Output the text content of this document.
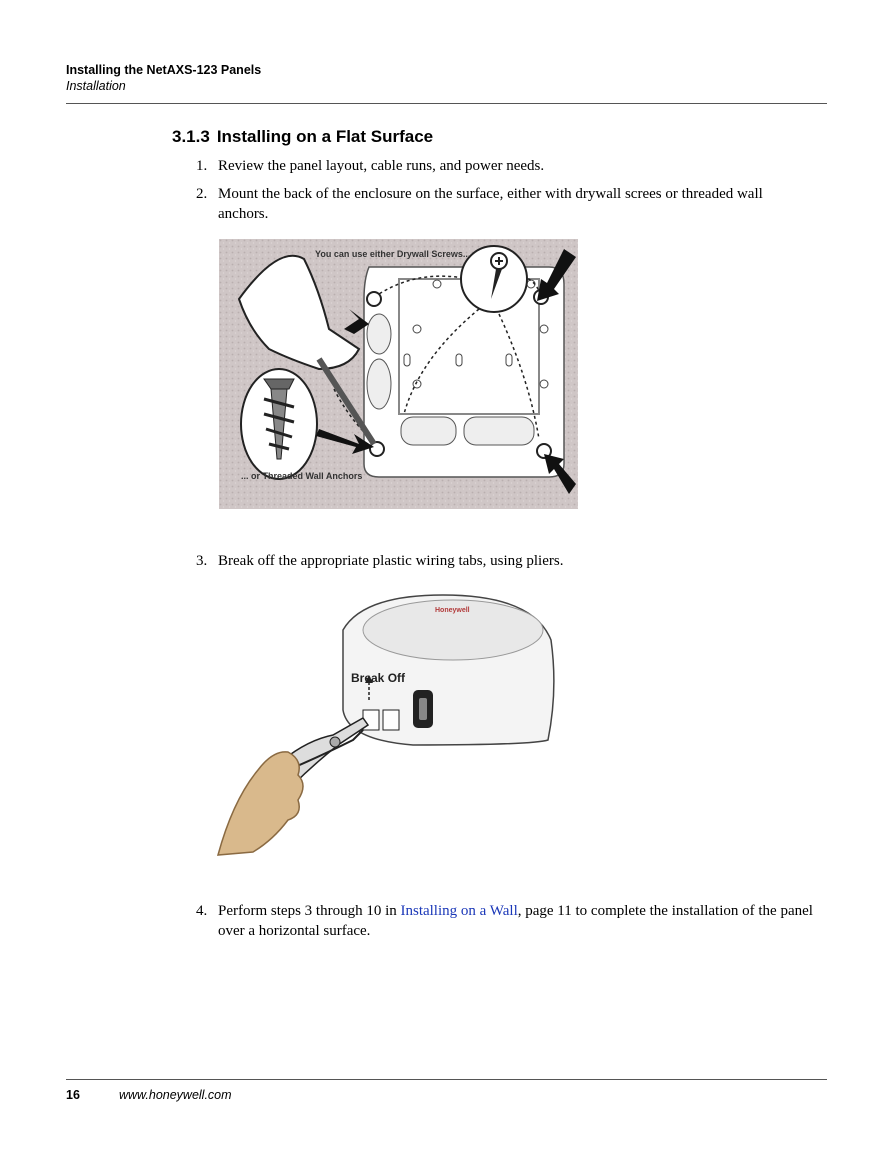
Installing the NetAXS-123 Panels
Installation
3.1.3 Installing on a Flat Surface
1. Review the panel layout, cable runs, and power needs.
2. Mount the back of the enclosure on the surface, either with drywall screes or threaded wall anchors.
You can use either Drywall Screws...
... or Threaded Wall Anchors
3. Break off the appropriate plastic wiring tabs, using pliers.
Honeywell
Break Off
4. Perform steps 3 through 10 in Installing on a Wall, page 11 to complete the installation of the panel over a horizontal surface.
16	www.honeywell.com
